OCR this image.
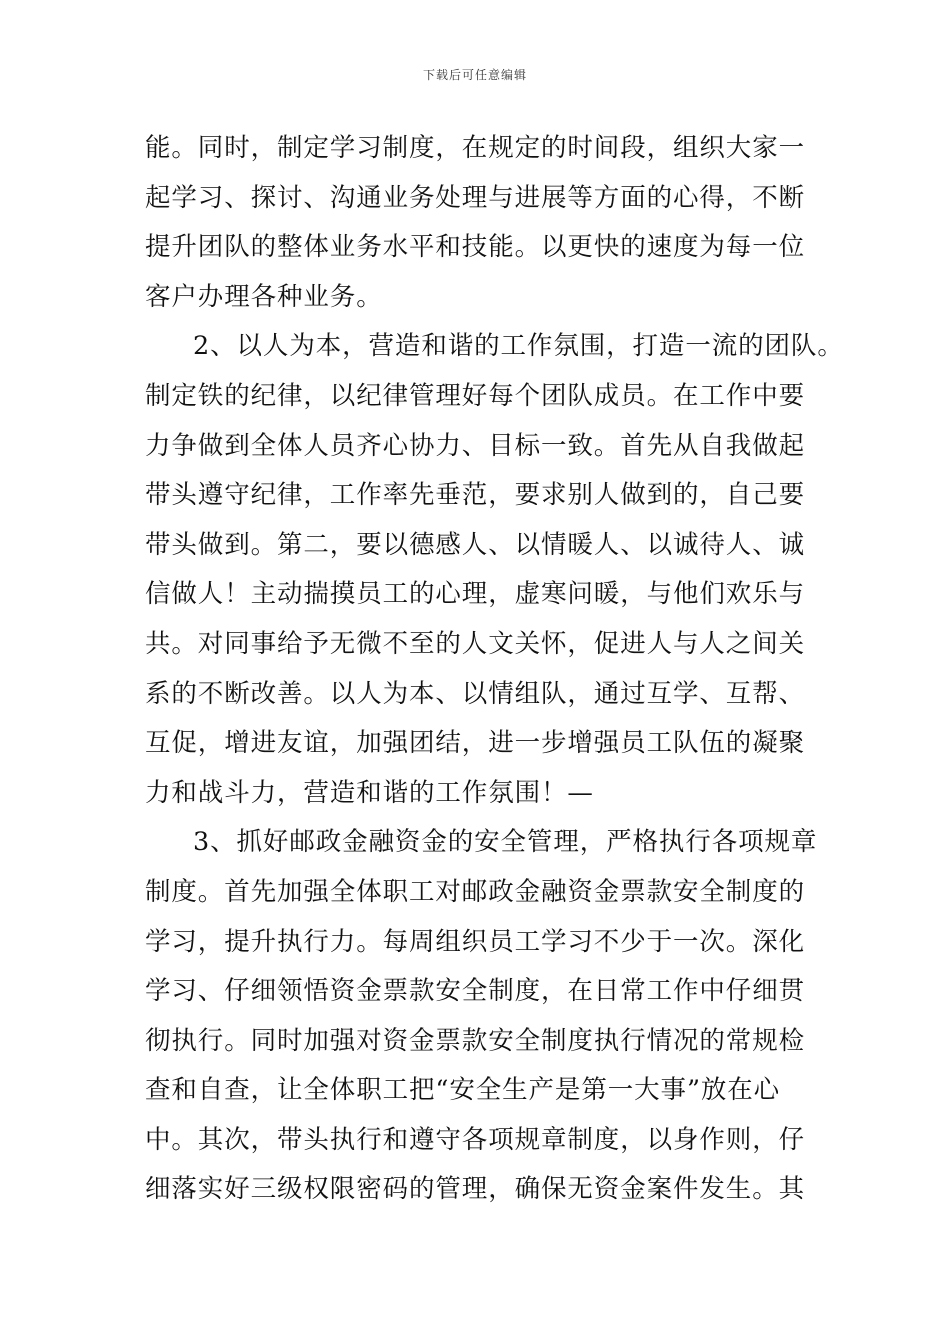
下载后可任意编辑
能。同时，制定学习制度，在规定的时间段，组织大家一
起学习、探讨、沟通业务处理与进展等方面的心得，不断
提升团队的整体业务水平和技能。以更快的速度为每一位
客户办理各种业务。
2、以人为本，营造和谐的工作氛围，打造一流的团队。
制定铁的纪律，以纪律管理好每个团队成员。在工作中要
力争做到全体人员齐心协力、目标一致。首先从自我做起
带头遵守纪律，工作率先垂范，要求别人做到的，自己要
带头做到。第二，要以德感人、以情暖人、以诚待人、诚
信做人！主动揣摸员工的心理，虚寒问暖，与他们欢乐与
共。对同事给予无微不至的人文关怀，促进人与人之间关
系的不断改善。以人为本、以情组队，通过互学、互帮、
互促，增进友谊，加强团结，进一步增强员工队伍的凝聚
力和战斗力，营造和谐的工作氛围！—
3、抓好邮政金融资金的安全管理，严格执行各项规章
制度。首先加强全体职工对邮政金融资金票款安全制度的
学习，提升执行力。每周组织员工学习不少于一次。深化
学习、仔细领悟资金票款安全制度，在日常工作中仔细贯
彻执行。同时加强对资金票款安全制度执行情况的常规检
查和自查，让全体职工把“安全生产是第一大事”放在心
中。其次，带头执行和遵守各项规章制度，以身作则，仔
细落实好三级权限密码的管理，确保无资金案件发生。其
